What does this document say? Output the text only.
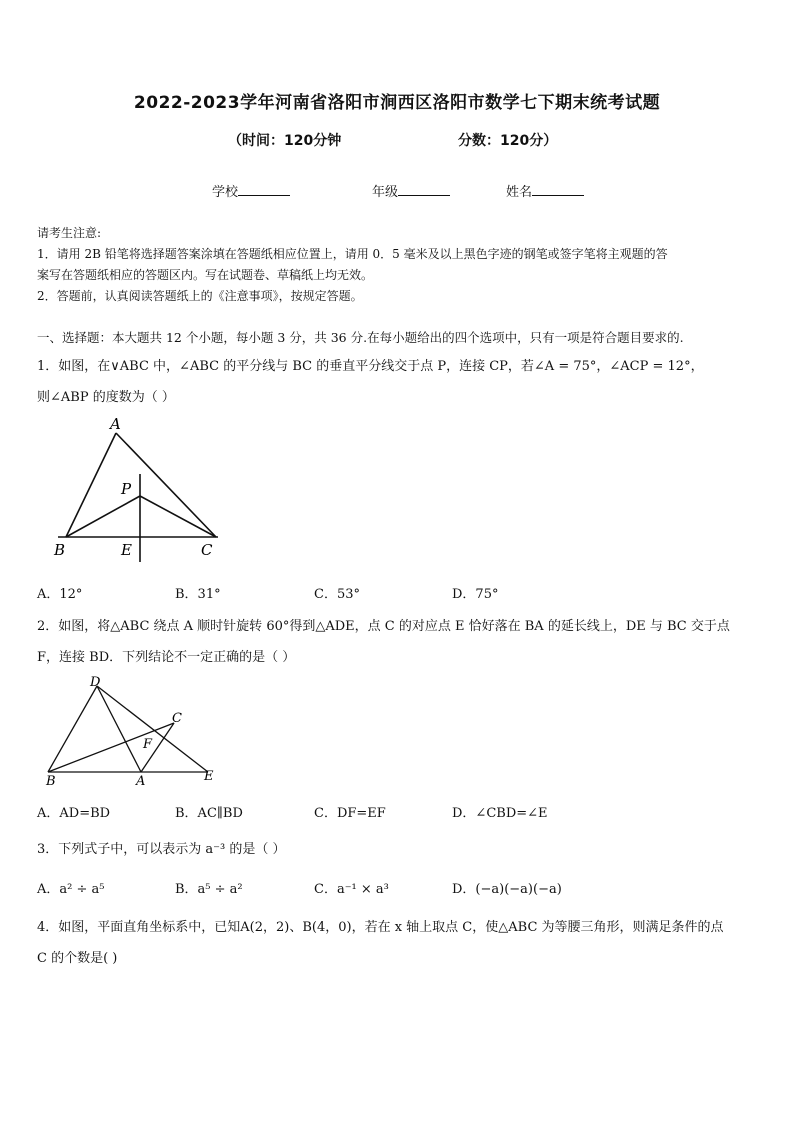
2022-2023学年河南省洛阳市涧西区洛阳市数学七下期末统考试题
（时间：120分钟	分数：120分）
学校	年级	姓名
请考生注意:
1．请用 2B 铅笔将选择题答案涂填在答题纸相应位置上，请用 0．5 毫米及以上黑色字迹的钢笔或签字笔将主观题的答
案写在答题纸相应的答题区内。写在试题卷、草稿纸上均无效。
2．答题前，认真阅读答题纸上的《注意事项》，按规定答题。
一、选择题：本大题共 12 个小题，每小题 3 分，共 36 分.在每小题给出的四个选项中，只有一项是符合题目要求的.
1．如图，在∨ABC 中，∠ABC 的平分线与 BC 的垂直平分线交于点 P，连接 CP，若∠A = 75°，∠ACP = 12°，
则∠ABP 的度数为（ ）
A
B	C
E
P
A．12°	B．31°	C．53°	D．75°
2．如图，将△ABC 绕点 A 顺时针旋转 60°得到△ADE，点 C 的对应点 E 恰好落在 BA 的延长线上，DE 与 BC 交于点
F，连接 BD．下列结论不一定正确的是（ ）
D
C
F
B	A	E
A．AD=BD	B．AC∥BD	C．DF=EF	D．∠CBD=∠E
3．下列式子中，可以表示为 a⁻³ 的是（ ）
A．a² ÷ a⁵	B．a⁵ ÷ a²	C．a⁻¹ × a³	D．(−a)(−a)(−a)
4．如图，平面直角坐标系中，已知A(2，2)、B(4，0)，若在 x 轴上取点 C，使△ABC 为等腰三角形，则满足条件的点
C 的个数是( )
